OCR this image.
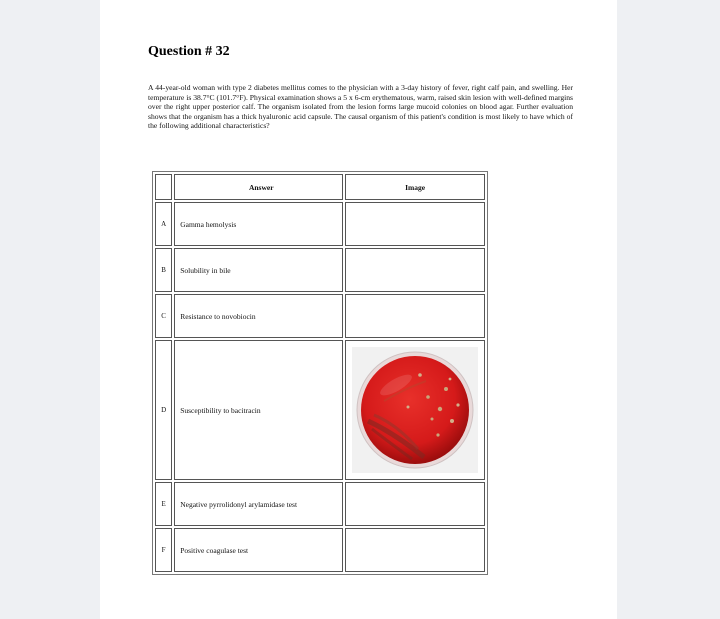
Question # 32
A 44-year-old woman with type 2 diabetes mellitus comes to the physician with a 3-day history of fever, right calf pain, and swelling. Her temperature is 38.7°C (101.7°F). Physical examination shows a 5 x 6-cm erythematous, warm, raised skin lesion with well-defined margins over the right upper posterior calf. The organism isolated from the lesion forms large mucoid colonies on blood agar. Further evaluation shows that the organism has a thick hyaluronic acid capsule. The causal organism of this patient's condition is most likely to have which of the following additional characteristics?
	Answer	Image
A	Gamma hemolysis	
B	Solubility in bile	
C	Resistance to novobiocin	
D	Susceptibility to bacitracin	

E	Negative pyrrolidonyl arylamidase test	
F	Positive coagulase test	
